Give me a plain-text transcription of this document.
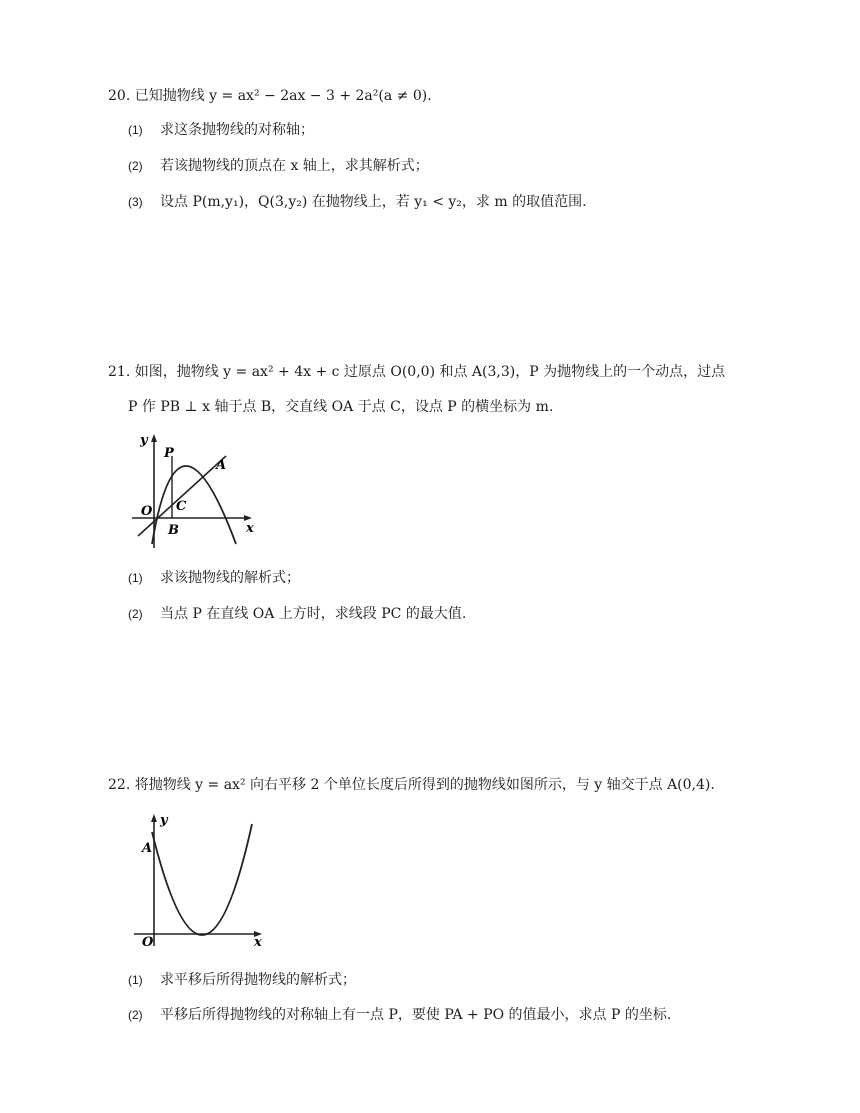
20. 已知抛物线 y = ax² − 2ax − 3 + 2a²(a ≠ 0).
(1) 求这条抛物线的对称轴；
(2) 若该抛物线的顶点在 x 轴上，求其解析式；
(3) 设点 P(m,y₁)，Q(3,y₂) 在抛物线上，若 y₁ < y₂，求 m 的取值范围.
21. 如图，抛物线 y = ax² + 4x + c 过原点 O(0,0) 和点 A(3,3)，P 为抛物线上的一个动点，过点
P 作 PB ⊥ x 轴于点 B，交直线 OA 于点 C，设点 P 的横坐标为 m.
y
x
P
A
C
O
B
(1) 求该抛物线的解析式；
(2) 当点 P 在直线 OA 上方时，求线段 PC 的最大值.
22. 将抛物线 y = ax² 向右平移 2 个单位长度后所得到的抛物线如图所示，与 y 轴交于点 A(0,4).
y
x
A
O
(1) 求平移后所得抛物线的解析式；
(2) 平移后所得抛物线的对称轴上有一点 P，要使 PA + PO 的值最小，求点 P 的坐标.
